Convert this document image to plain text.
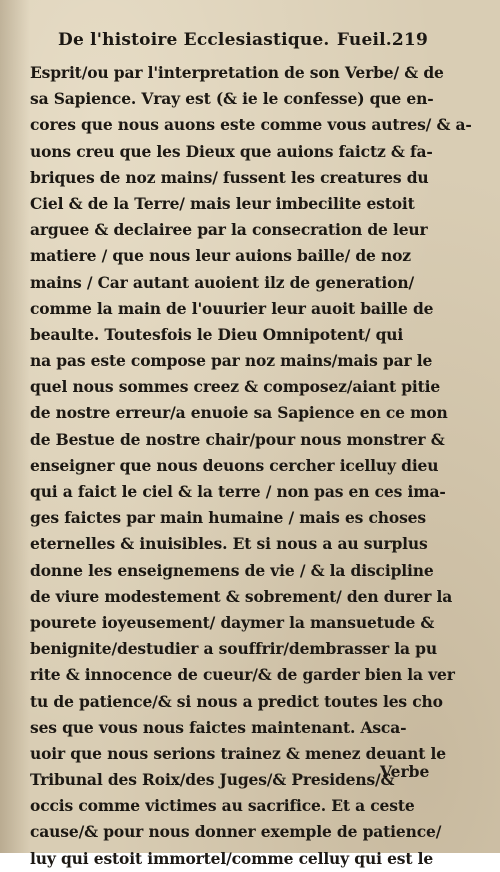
De l'histoire Ecclesiastique. Fueil.219
Esprit/ou par l'interpretation de son Verbe/ & de
sa Sapience. Vray est (& ie le confesse) que en-
cores que nous auons este comme vous autres/ & a-
uons creu que les Dieux que auions faictz & fa-
briques de noz mains/ fussent les creatures du
Ciel & de la Terre/ mais leur imbecilite estoit
arguee & declairee par la consecration de leur
matiere / que nous leur auions baille/ de noz
mains / Car autant auoient ilz de generation/
comme la main de l'ouurier leur auoit baille de
beaulte. Toutesfois le Dieu Omnipotent/ qui
na pas este compose par noz mains/mais par le
quel nous sommes creez & composez/aiant pitie
de nostre erreur/a enuoie sa Sapience en ce mon
de Bestue de nostre chair/pour nous monstrer &
enseigner que nous deuons cercher icelluy dieu
qui a faict le ciel & la terre / non pas en ces ima-
ges faictes par main humaine / mais es choses
eternelles & inuisibles. Et si nous a au surplus
donne les enseignemens de vie / & la discipline
de viure modestement & sobrement/ den durer la
pourete ioyeusement/ daymer la mansuetude &
benignite/destudier a souffrir/dembrasser la pu
rite & innocence de cueur/& de garder bien la ver
tu de patience/& si nous a predict toutes les cho
ses que vous nous faictes maintenant. Asca-
uoir que nous serions trainez & menez deuant le
Tribunal des Roix/des Juges/& Presidens/&
occis comme victimes au sacrifice. Et a ceste
cause/& pour nous donner exemple de patience/
luy qui estoit immortel/comme celluy qui est le
Verbe
